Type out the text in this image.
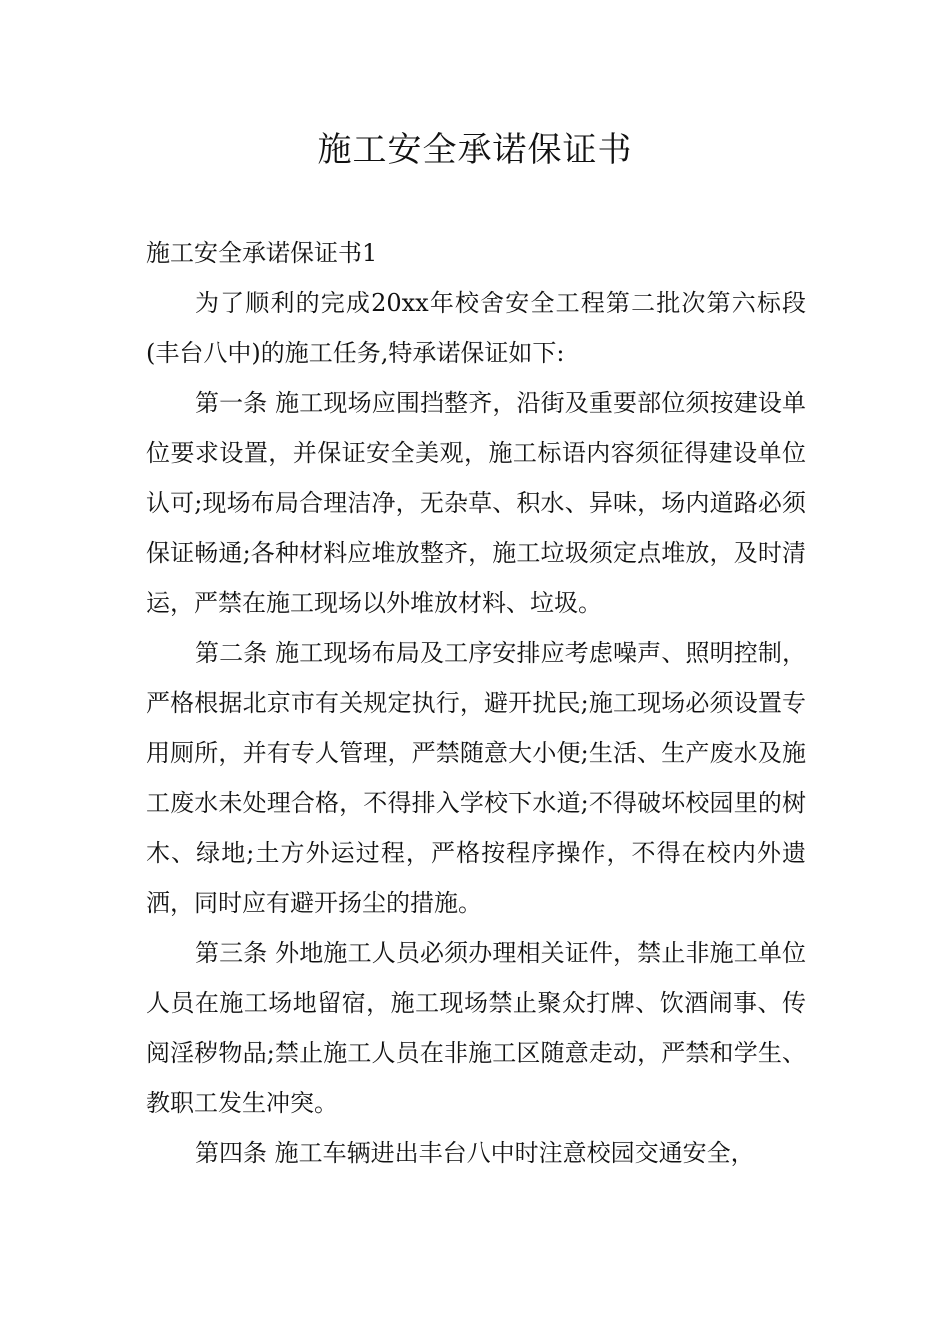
施工安全承诺保证书

施工安全承诺保证书1

为了顺利的完成20xx年校舍安全工程第二批次第六标段(丰台八中)的施工任务,特承诺保证如下:

第一条 施工现场应围挡整齐，沿街及重要部位须按建设单位要求设置，并保证安全美观，施工标语内容须征得建设单位认可;现场布局合理洁净，无杂草、积水、异味，场内道路必须保证畅通;各种材料应堆放整齐，施工垃圾须定点堆放，及时清运，严禁在施工现场以外堆放材料、垃圾。

第二条 施工现场布局及工序安排应考虑噪声、照明控制，严格根据北京市有关规定执行，避开扰民;施工现场必须设置专用厕所，并有专人管理，严禁随意大小便;生活、生产废水及施工废水未处理合格，不得排入学校下水道;不得破坏校园里的树木、绿地;土方外运过程，严格按程序操作，不得在校内外遗洒，同时应有避开扬尘的措施。

第三条 外地施工人员必须办理相关证件，禁止非施工单位人员在施工场地留宿，施工现场禁止聚众打牌、饮酒闹事、传阅淫秽物品;禁止施工人员在非施工区随意走动，严禁和学生、教职工发生冲突。

第四条 施工车辆进出丰台八中时注意校园交通安全，
